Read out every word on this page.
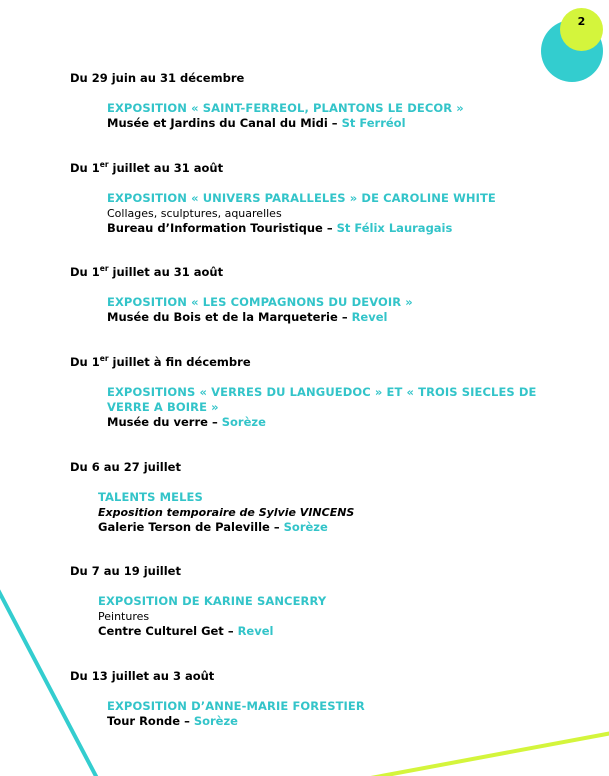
2
Du 29 juin au 31 décembre
EXPOSITION « SAINT-FERREOL, PLANTONS LE DECOR »
Musée et Jardins du Canal du Midi – St Ferréol
Du 1er juillet au 31 août
EXPOSITION « UNIVERS PARALLELES » DE CAROLINE WHITE
Collages, sculptures, aquarelles
Bureau d’Information Touristique – St Félix Lauragais
Du 1er juillet au 31 août
EXPOSITION « LES COMPAGNONS DU DEVOIR »
Musée du Bois et de la Marqueterie – Revel
Du 1er juillet à fin décembre
EXPOSITIONS « VERRES DU LANGUEDOC » ET « TROIS SIECLES DE
VERRE A BOIRE »
Musée du verre – Sorèze
Du 6 au 27 juillet
TALENTS MELES
Exposition temporaire de Sylvie VINCENS
Galerie Terson de Paleville – Sorèze
Du 7 au 19 juillet
EXPOSITION DE KARINE SANCERRY
Peintures
Centre Culturel Get – Revel
Du 13 juillet au 3 août
EXPOSITION D’ANNE-MARIE FORESTIER
Tour Ronde – Sorèze
